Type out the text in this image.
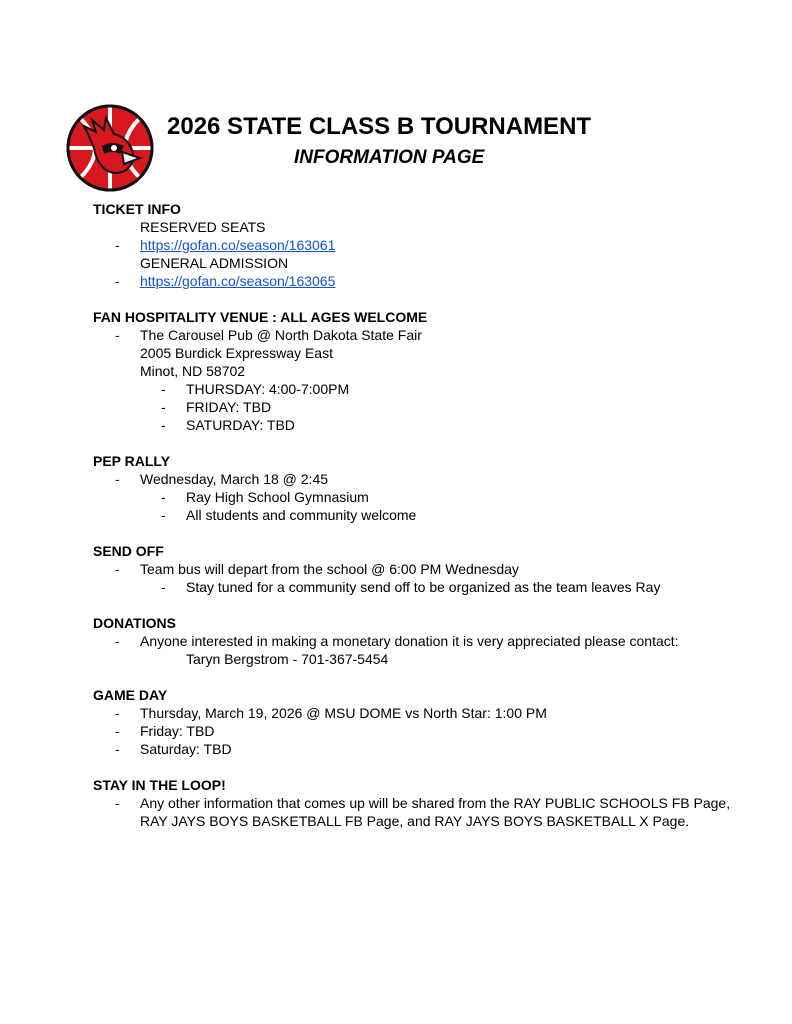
2026 STATE CLASS B TOURNAMENT
INFORMATION PAGE
TICKET INFO
RESERVED SEATS
- https://gofan.co/season/163061
GENERAL ADMISSION
- https://gofan.co/season/163065
FAN HOSPITALITY VENUE : ALL AGES WELCOME
- The Carousel Pub @ North Dakota State Fair
2005 Burdick Expressway East
Minot, ND 58702
- THURSDAY: 4:00-7:00PM
- FRIDAY: TBD
- SATURDAY: TBD
PEP RALLY
- Wednesday, March 18 @ 2:45
- Ray High School Gymnasium
- All students and community welcome
SEND OFF
- Team bus will depart from the school @ 6:00 PM Wednesday
- Stay tuned for a community send off to be organized as the team leaves Ray
DONATIONS
- Anyone interested in making a monetary donation it is very appreciated please contact:
Taryn Bergstrom - 701-367-5454
GAME DAY
- Thursday, March 19, 2026 @ MSU DOME vs North Star: 1:00 PM
- Friday: TBD
- Saturday: TBD
STAY IN THE LOOP!
- Any other information that comes up will be shared from the RAY PUBLIC SCHOOLS FB Page, RAY JAYS BOYS BASKETBALL FB Page, and RAY JAYS BOYS BASKETBALL X Page.
